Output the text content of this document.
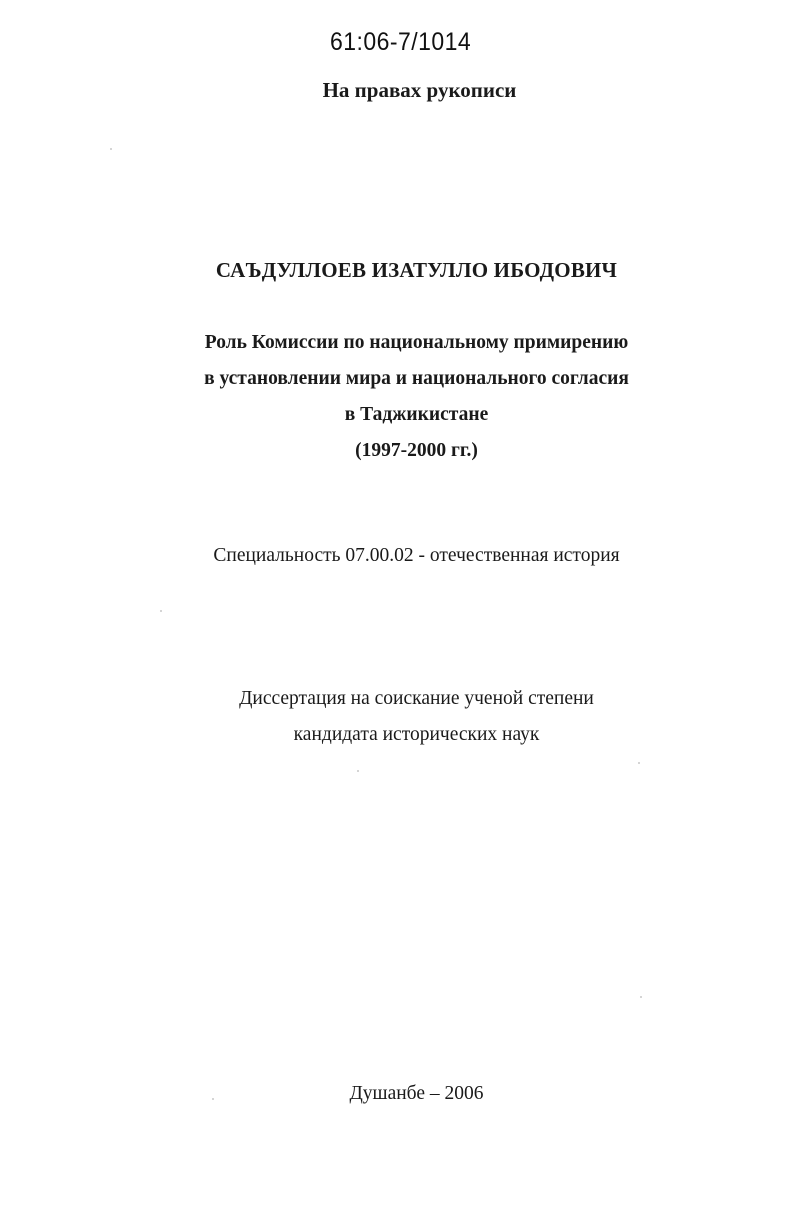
61:06-7/1014
На правах рукописи
САЪДУЛЛОЕВ ИЗАТУЛЛО ИБОДОВИЧ
Роль Комиссии по национальному примирению
в установлении мира и национального согласия
в Таджикистане
(1997-2000 гг.)
Специальность 07.00.02 - отечественная история
Диссертация на соискание ученой степени
кандидата исторических наук
Душанбе – 2006
